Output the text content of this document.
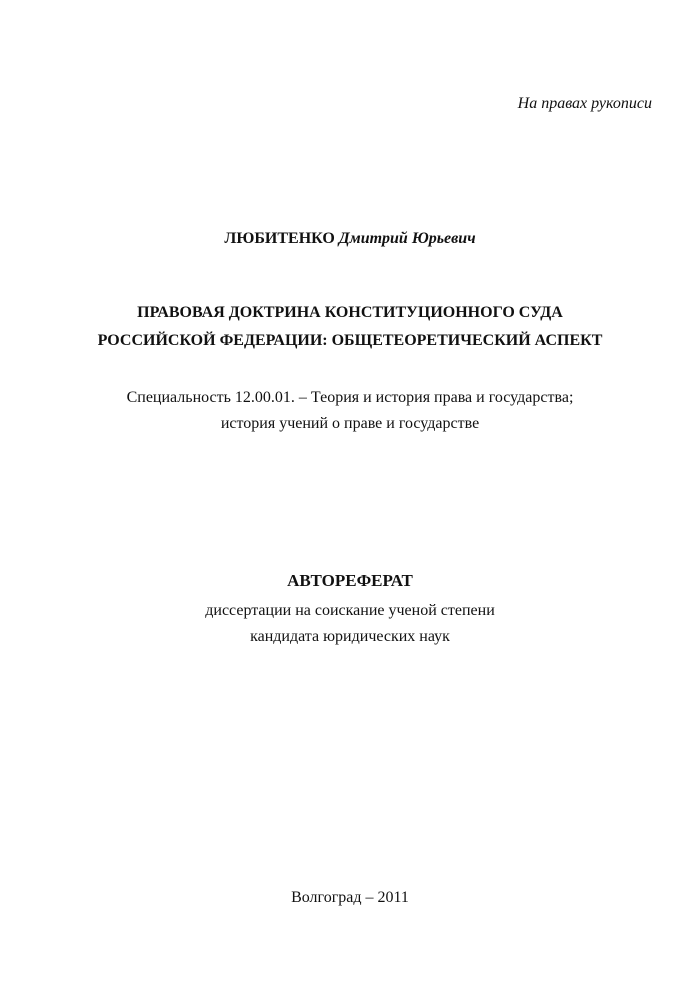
На правах рукописи
ЛЮБИТЕНКО Дмитрий Юрьевич
ПРАВОВАЯ ДОКТРИНА КОНСТИТУЦИОННОГО СУДА
РОССИЙСКОЙ ФЕДЕРАЦИИ: ОБЩЕТЕОРЕТИЧЕСКИЙ АСПЕКТ
Специальность 12.00.01. – Теория и история права и государства;
история учений о праве и государстве
АВТОРЕФЕРАТ
диссертации на соискание ученой степени
кандидата юридических наук
Волгоград – 2011
